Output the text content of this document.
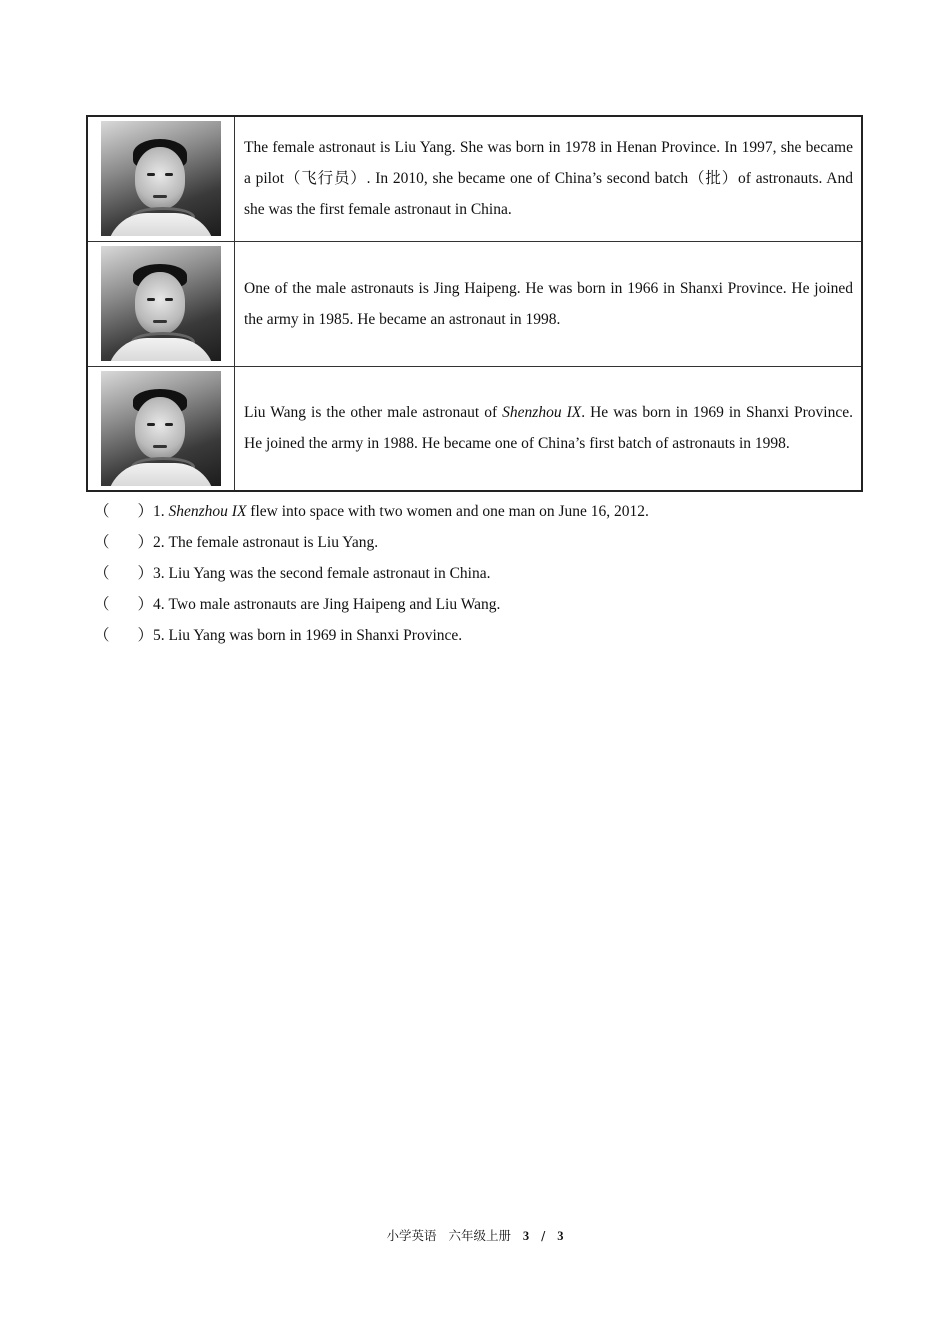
	The female astronaut is Liu Yang. She was born in 1978 in Henan Province. In 1997, she became a pilot（飞行员）. In 2010, she became one of China’s second batch（批）of astronauts. And she was the first female astronaut in China.

	One of the male astronauts is Jing Haipeng. He was born in 1966 in Shanxi Province. He joined the army in 1985. He became an astronaut in 1998.

	Liu Wang is the other male astronaut of Shenzhou IX. He was born in 1969 in Shanxi Province. He joined the army in 1988. He became one of China’s first batch of astronauts in 1998.
（ ） 1. Shenzhou IX flew into space with two women and one man on June 16, 2012.
（ ） 2. The female astronaut is Liu Yang.
（ ） 3. Liu Yang was the second female astronaut in China.
（ ） 4. Two male astronauts are Jing Haipeng and Liu Wang.
（ ） 5. Liu Yang was born in 1969 in Shanxi Province.
小学英语 六年级上册 3 / 3
